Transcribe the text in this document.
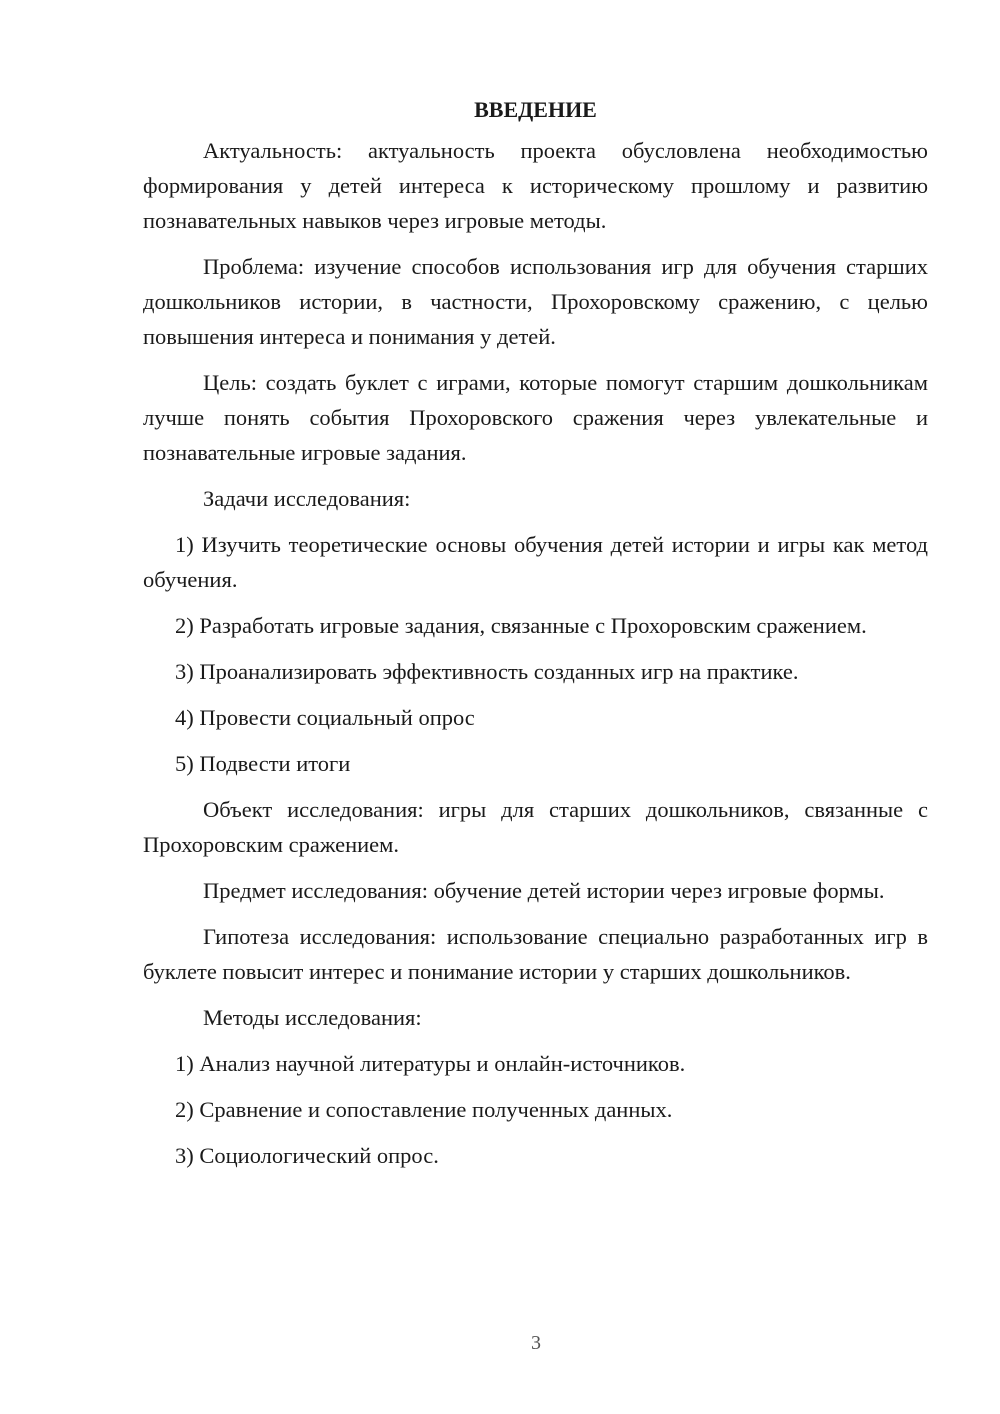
ВВЕДЕНИЕ

Актуальность: актуальность проекта обусловлена необходимостью формирования у детей интереса к историческому прошлому и развитию познавательных навыков через игровые методы.

Проблема: изучение способов использования игр для обучения старших дошкольников истории, в частности, Прохоровскому сражению, с целью повышения интереса и понимания у детей.

Цель: создать буклет с играми, которые помогут старшим дошкольникам лучше понять события Прохоровского сражения через увлекательные и познавательные игровые задания.

Задачи исследования:

1) Изучить теоретические основы обучения детей истории и игры как метод обучения.

2) Разработать игровые задания, связанные с Прохоровским сражением.

3) Проанализировать эффективность созданных игр на практике.

4) Провести социальный опрос

5) Подвести итоги

Объект исследования: игры для старших дошкольников, связанные с Прохоровским сражением.

Предмет исследования: обучение детей истории через игровые формы.

Гипотеза исследования: использование специально разработанных игр в буклете повысит интерес и понимание истории у старших дошкольников.

Методы исследования:

1) Анализ научной литературы и онлайн-источников.

2) Сравнение и сопоставление полученных данных.

3) Социологический опрос.

3
